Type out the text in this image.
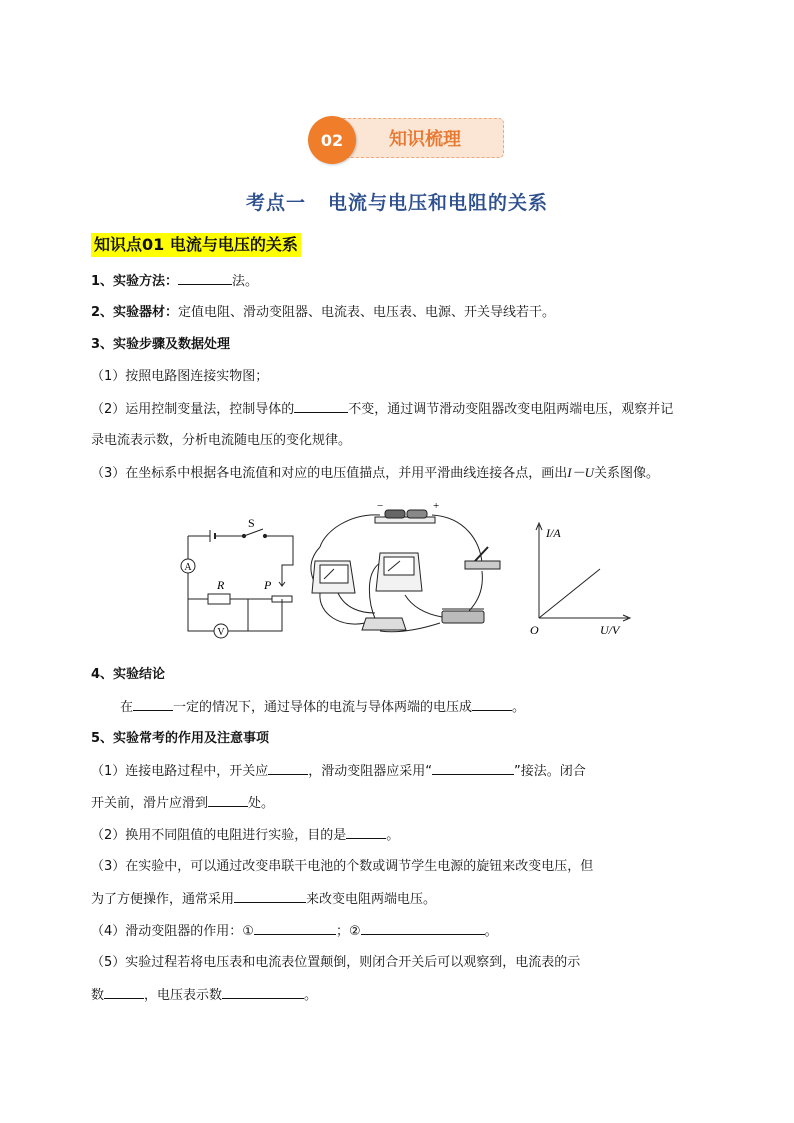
知识梳理
02
考点一 电流与电压和电阻的关系
知识点01 电流与电压的关系
1、实验方法：	法。
2、实验器材：定值电阻、滑动变阻器、电流表、电压表、电源、开关导线若干。
3、实验步骤及数据处理
（1）按照电路图连接实物图；
（2）运用控制变量法，控制导体的	不变，通过调节滑动变阻器改变电阻两端电压，观察并记
录电流表示数，分析电流随电压的变化规律。
（3）在坐标系中根据各电流值和对应的电压值描点，并用平滑曲线连接各点，画出I－U关系图像。
A
V
S
R	P
−	+
I/A
U/V
O
4、实验结论
在	一定的情况下，通过导体的电流与导体两端的电压成	。
5、实验常考的作用及注意事项
（1）连接电路过程中，开关应	，滑动变阻器应采用“	”接法。闭合
开关前，滑片应滑到	处。
（2）换用不同阻值的电阻进行实验，目的是	。
（3）在实验中，可以通过改变串联干电池的个数或调节学生电源的旋钮来改变电压，但
为了方便操作，通常采用	来改变电阻两端电压。
（4）滑动变阻器的作用：①	；②	。
（5）实验过程若将电压表和电流表位置颠倒，则闭合开关后可以观察到，电流表的示
数	，电压表示数	。
